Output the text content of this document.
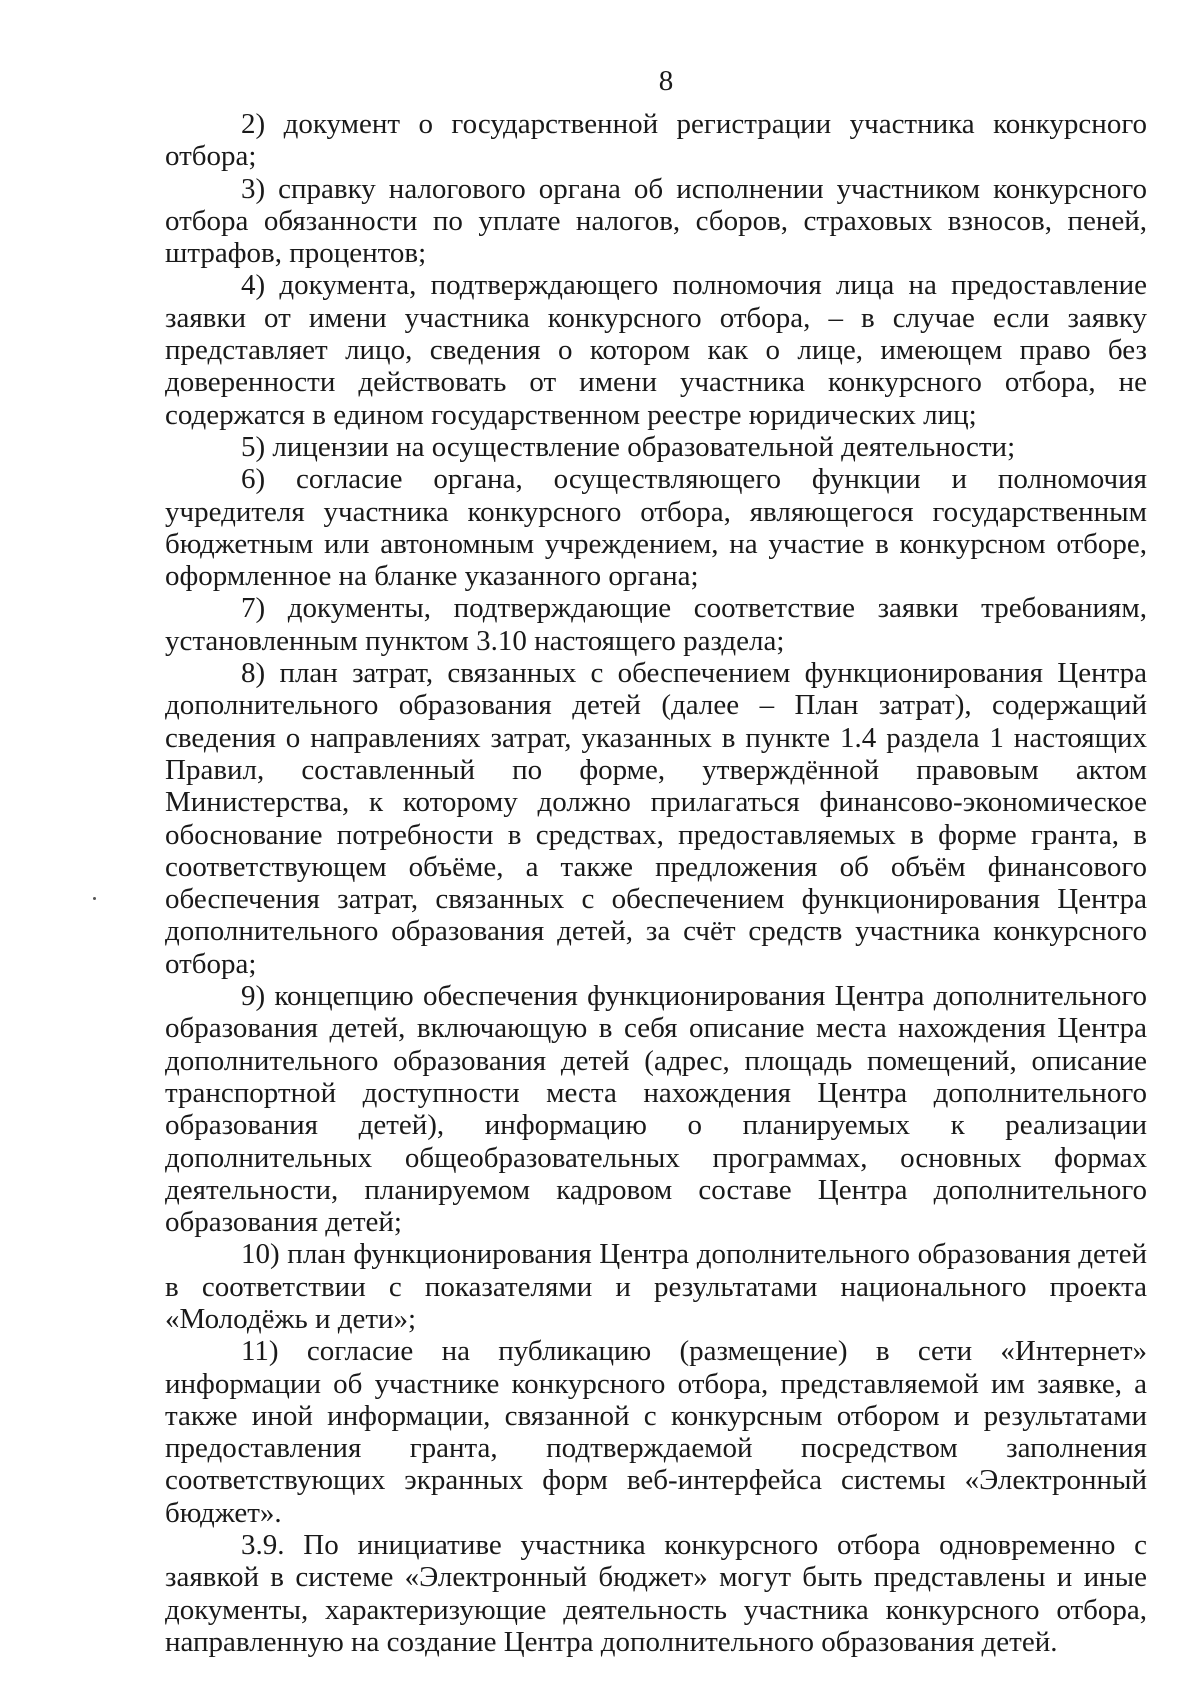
8

2) документ о государственной регистрации участника конкурсного отбора;

3) справку налогового органа об исполнении участником конкурсного отбора обязанности по уплате налогов, сборов, страховых взносов, пеней, штрафов, процентов;

4) документа, подтверждающего полномочия лица на предоставление заявки от имени участника конкурсного отбора, – в случае если заявку представляет лицо, сведения о котором как о лице, имеющем право без доверенности действовать от имени участника конкурсного отбора, не содержатся в едином государственном реестре юридических лиц;

5) лицензии на осуществление образовательной деятельности;

6) согласие органа, осуществляющего функции и полномочия учредителя участника конкурсного отбора, являющегося государственным бюджетным или автономным учреждением, на участие в конкурсном отборе, оформленное на бланке указанного органа;

7) документы, подтверждающие соответствие заявки требованиям, установленным пунктом 3.10 настоящего раздела;

8) план затрат, связанных с обеспечением функционирования Центра дополнительного образования детей (далее – План затрат), содержащий сведения о направлениях затрат, указанных в пункте 1.4 раздела 1 настоящих Правил, составленный по форме, утверждённой правовым актом Министерства, к которому должно прилагаться финансово-экономическое обоснование потребности в средствах, предоставляемых в форме гранта, в соответствующем объёме, а также предложения об объём финансового обеспечения затрат, связанных с обеспечением функционирования Центра дополнительного образования детей, за счёт средств участника конкурсного отбора;

9) концепцию обеспечения функционирования Центра дополнительного образования детей, включающую в себя описание места нахождения Центра дополнительного образования детей (адрес, площадь помещений, описание транспортной доступности места нахождения Центра дополнительного образования детей), информацию о планируемых к реализации дополнительных общеобразовательных программах, основных формах деятельности, планируемом кадровом составе Центра дополнительного образования детей;

10) план функционирования Центра дополнительного образования детей в соответствии с показателями и результатами национального проекта «Молодёжь и дети»;

11) согласие на публикацию (размещение) в сети «Интернет» информации об участнике конкурсного отбора, представляемой им заявке, а также иной информации, связанной с конкурсным отбором и результатами предоставления гранта, подтверждаемой посредством заполнения соответствующих экранных форм веб-интерфейса системы «Электронный бюджет».

3.9. По инициативе участника конкурсного отбора одновременно с заявкой в системе «Электронный бюджет» могут быть представлены и иные документы, характеризующие деятельность участника конкурсного отбора, направленную на создание Центра дополнительного образования детей.
